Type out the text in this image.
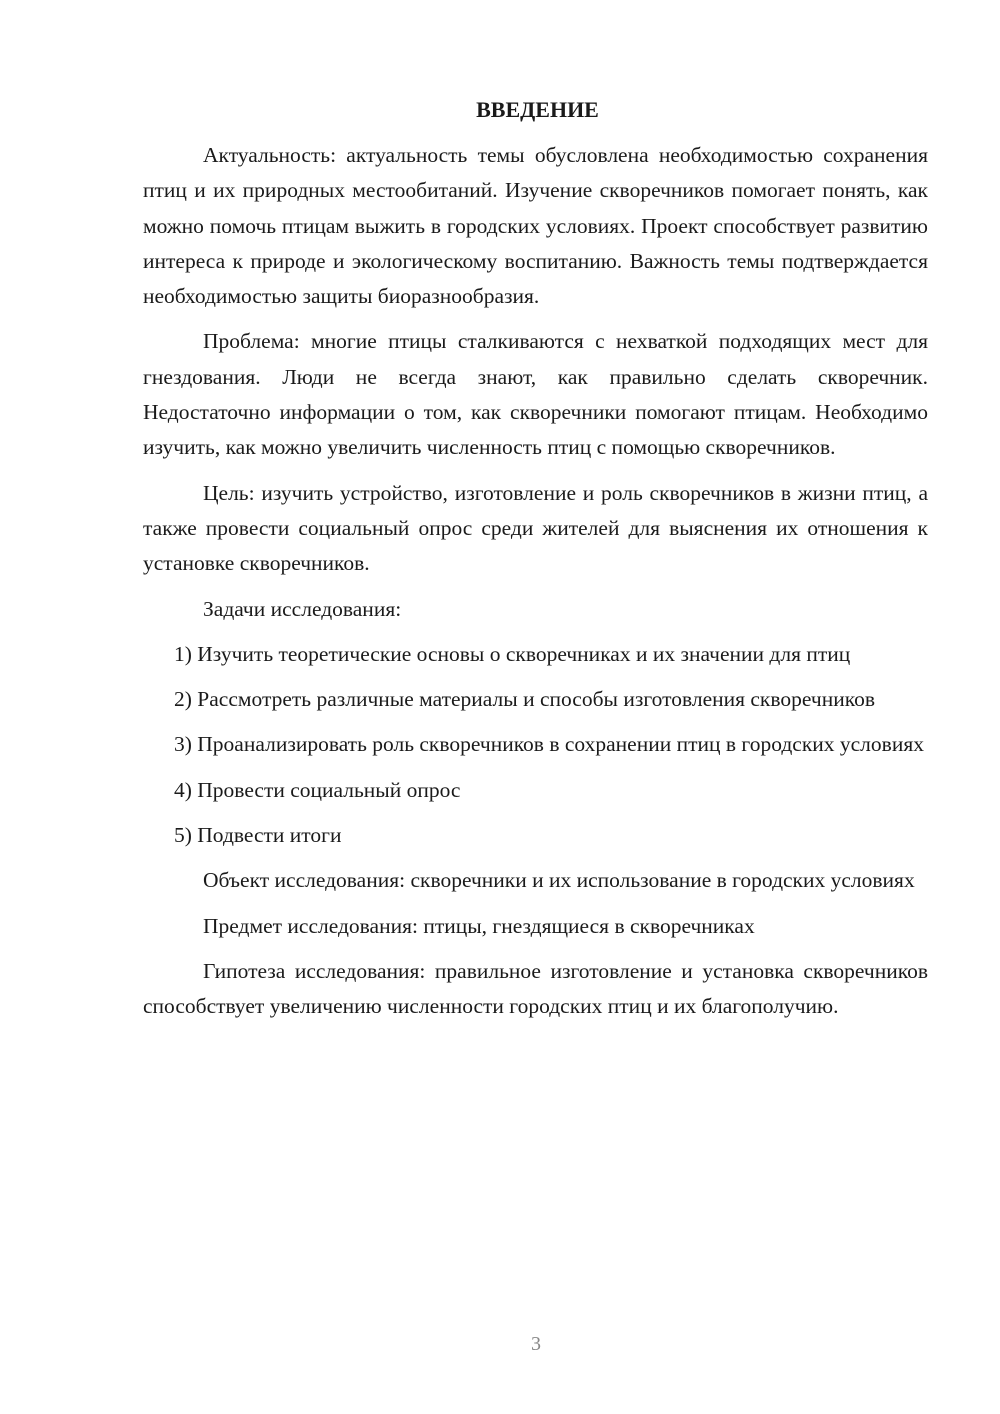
ВВЕДЕНИЕ

Актуальность: актуальность темы обусловлена необходимостью сохранения птиц и их природных местообитаний. Изучение скворечников помогает понять, как можно помочь птицам выжить в городских условиях. Проект способствует развитию интереса к природе и экологическому воспитанию. Важность темы подтверждается необходимостью защиты биоразнообразия.

Проблема: многие птицы сталкиваются с нехваткой подходящих мест для гнездования. Люди не всегда знают, как правильно сделать скворечник. Недостаточно информации о том, как скворечники помогают птицам. Необходимо изучить, как можно увеличить численность птиц с помощью скворечников.

Цель: изучить устройство, изготовление и роль скворечников в жизни птиц, а также провести социальный опрос среди жителей для выяснения их отношения к установке скворечников.

Задачи исследования:

1) Изучить теоретические основы о скворечниках и их значении для птиц

2) Рассмотреть различные материалы и способы изготовления скворечников

3) Проанализировать роль скворечников в сохранении птиц в городских условиях

4) Провести социальный опрос

5) Подвести итоги

Объект исследования: скворечники и их использование в городских условиях

Предмет исследования: птицы, гнездящиеся в скворечниках

Гипотеза исследования: правильное изготовление и установка скворечников способствует увеличению численности городских птиц и их благополучию.

3
